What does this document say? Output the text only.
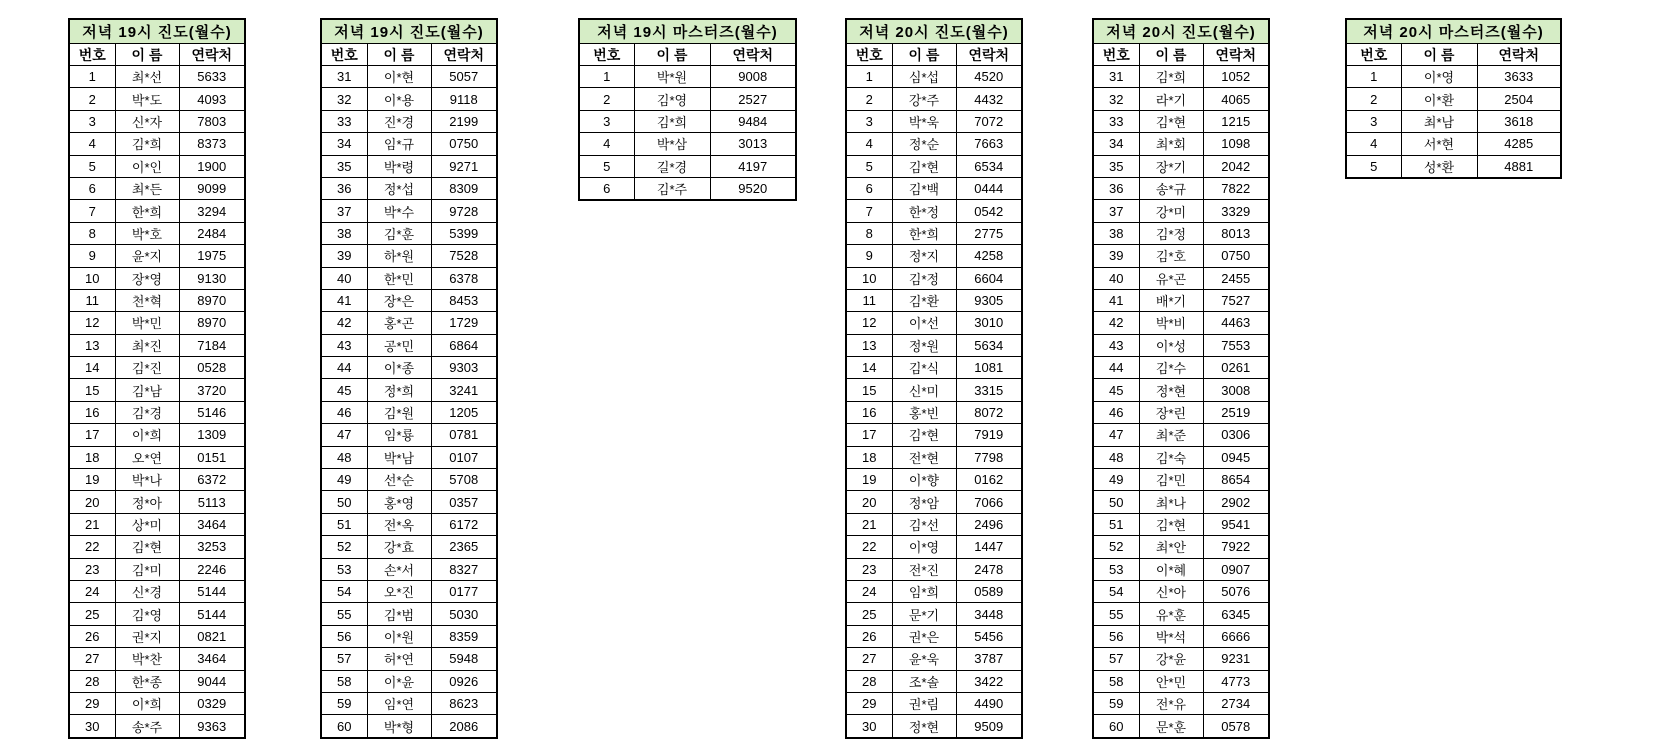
저녁 19시 진도(월수)		
번호	이 름	연락처
1	최*선	5633
2	박*도	4093
3	신*자	7803
4	김*희	8373
5	이*인	1900
6	최*든	9099
7	한*희	3294
8	박*호	2484
9	윤*지	1975
10	장*영	9130
11	천*혁	8970
12	박*민	8970
13	최*진	7184
14	김*진	0528
15	김*남	3720
16	김*경	5146
17	이*희	1309
18	오*연	0151
19	박*나	6372
20	정*아	5113
21	상*미	3464
22	김*현	3253
23	김*미	2246
24	신*경	5144
25	김*영	5144
26	권*지	0821
27	박*찬	3464
28	한*종	9044
29	이*희	0329
30	송*주	9363
저녁 19시 진도(월수)		
번호	이 름	연락처
31	이*현	5057
32	이*용	9118
33	진*경	2199
34	임*규	0750
35	박*령	9271
36	정*섭	8309
37	박*수	9728
38	김*훈	5399
39	하*원	7528
40	한*민	6378
41	장*은	8453
42	홍*곤	1729
43	공*민	6864
44	이*종	9303
45	정*희	3241
46	김*원	1205
47	임*룡	0781
48	박*남	0107
49	선*순	5708
50	홍*영	0357
51	전*옥	6172
52	강*효	2365
53	손*서	8327
54	오*진	0177
55	김*범	5030
56	이*원	8359
57	허*연	5948
58	이*윤	0926
59	임*연	8623
60	박*형	2086
저녁 19시 마스터즈(월수)		
번호	이 름	연락처
1	박*원	9008
2	김*영	2527
3	김*희	9484
4	박*삼	3013
5	길*경	4197
6	김*주	9520
저녁 20시 진도(월수)		
번호	이 름	연락처
1	심*섭	4520
2	강*주	4432
3	박*욱	7072
4	정*순	7663
5	김*현	6534
6	김*백	0444
7	한*정	0542
8	한*희	2775
9	정*지	4258
10	김*정	6604
11	김*환	9305
12	이*선	3010
13	정*원	5634
14	김*식	1081
15	신*미	3315
16	홍*빈	8072
17	김*현	7919
18	전*현	7798
19	이*향	0162
20	정*암	7066
21	김*선	2496
22	이*영	1447
23	전*진	2478
24	임*희	0589
25	문*기	3448
26	권*은	5456
27	윤*욱	3787
28	조*솔	3422
29	권*림	4490
30	정*현	9509
저녁 20시 진도(월수)		
번호	이 름	연락처
31	김*희	1052
32	라*기	4065
33	김*현	1215
34	최*회	1098
35	장*기	2042
36	송*규	7822
37	강*미	3329
38	김*정	8013
39	김*호	0750
40	유*곤	2455
41	배*기	7527
42	박*비	4463
43	이*성	7553
44	김*수	0261
45	정*현	3008
46	장*린	2519
47	최*준	0306
48	김*숙	0945
49	김*민	8654
50	최*나	2902
51	김*현	9541
52	최*안	7922
53	이*혜	0907
54	신*아	5076
55	유*훈	6345
56	박*석	6666
57	강*윤	9231
58	안*민	4773
59	전*유	2734
60	문*훈	0578
저녁 20시 마스터즈(월수)		
번호	이 름	연락처
1	이*영	3633
2	이*환	2504
3	최*남	3618
4	서*현	4285
5	성*환	4881
